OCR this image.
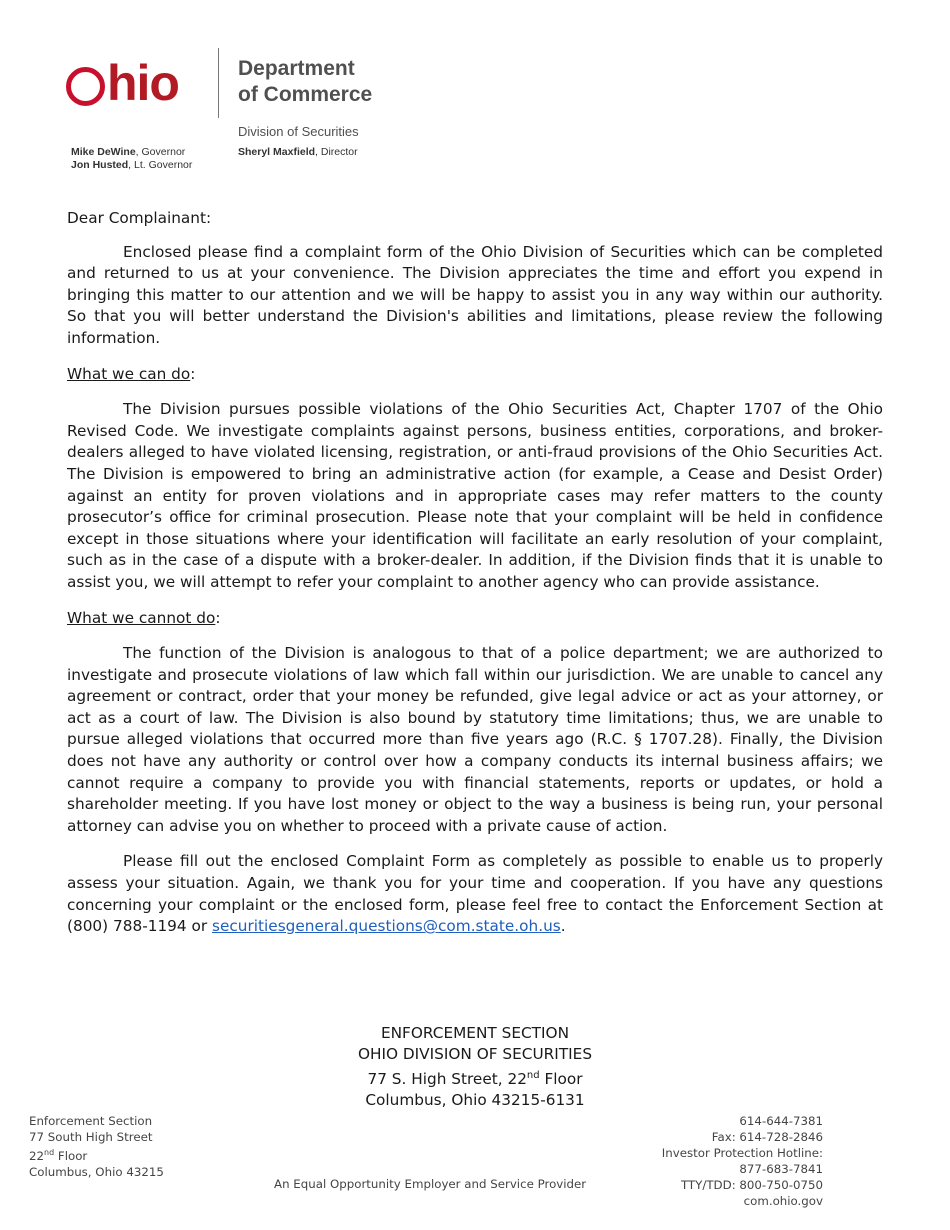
hio	Department
of Commerce
Division of Securities
Sheryl Maxfield, Director
Mike DeWine, Governor
Jon Husted, Lt. Governor

Dear Complainant:

Enclosed please find a complaint form of the Ohio Division of Securities which can be completed and returned to us at your convenience. The Division appreciates the time and effort you expend in bringing this matter to our attention and we will be happy to assist you in any way within our authority. So that you will better understand the Division's abilities and limitations, please review the following information.

What we can do:

The Division pursues possible violations of the Ohio Securities Act, Chapter 1707 of the Ohio Revised Code. We investigate complaints against persons, business entities, corporations, and broker-dealers alleged to have violated licensing, registration, or anti-fraud provisions of the Ohio Securities Act. The Division is empowered to bring an administrative action (for example, a Cease and Desist Order) against an entity for proven violations and in appropriate cases may refer matters to the county prosecutor’s office for criminal prosecution. Please note that your complaint will be held in confidence except in those situations where your identification will facilitate an early resolution of your complaint, such as in the case of a dispute with a broker-dealer. In addition, if the Division finds that it is unable to assist you, we will attempt to refer your complaint to another agency who can provide assistance.

What we cannot do:

The function of the Division is analogous to that of a police department; we are authorized to investigate and prosecute violations of law which fall within our jurisdiction. We are unable to cancel any agreement or contract, order that your money be refunded, give legal advice or act as your attorney, or act as a court of law. The Division is also bound by statutory time limitations; thus, we are unable to pursue alleged violations that occurred more than five years ago (R.C. § 1707.28). Finally, the Division does not have any authority or control over how a company conducts its internal business affairs; we cannot require a company to provide you with financial statements, reports or updates, or hold a shareholder meeting. If you have lost money or object to the way a business is being run, your personal attorney can advise you on whether to proceed with a private cause of action.

Please fill out the enclosed Complaint Form as completely as possible to enable us to properly assess your situation. Again, we thank you for your time and cooperation. If you have any questions concerning your complaint or the enclosed form, please feel free to contact the Enforcement Section at (800) 788-1194 or securitiesgeneral.questions@com.state.oh.us.

ENFORCEMENT SECTION
OHIO DIVISION OF SECURITIES
77 S. High Street, 22nd Floor
Columbus, Ohio 43215-6131
Enforcement Section
77 South High Street
22nd Floor
Columbus, Ohio 43215
An Equal Opportunity Employer and Service Provider
614-644-7381
Fax: 614-728-2846
Investor Protection Hotline:
877-683-7841
TTY/TDD: 800-750-0750
com.ohio.gov
